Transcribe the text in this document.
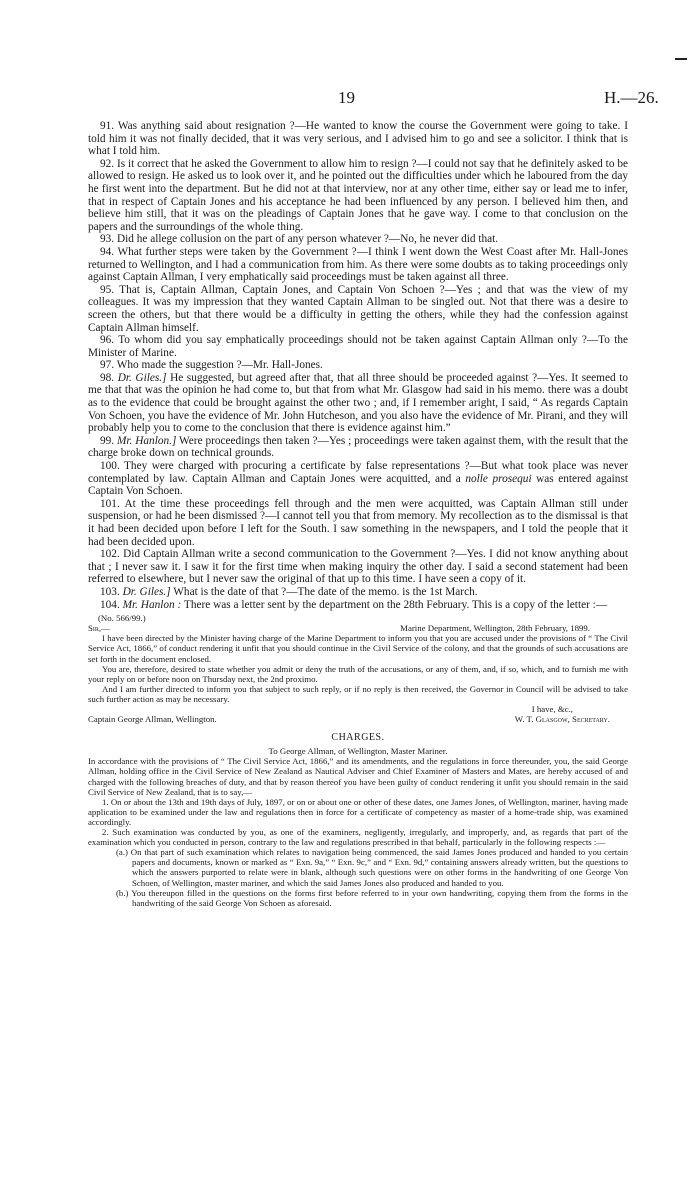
19	H.—26.

91. Was anything said about resignation ?—He wanted to know the course the Government were going to take. I told him it was not finally decided, that it was very serious, and I advised him to go and see a solicitor. I think that is what I told him.

92. Is it correct that he asked the Government to allow him to resign ?—I could not say that he definitely asked to be allowed to resign. He asked us to look over it, and he pointed out the difficulties under which he laboured from the day he first went into the department. But he did not at that interview, nor at any other time, either say or lead me to infer, that in respect of Captain Jones and his acceptance he had been influenced by any person. I believed him then, and believe him still, that it was on the pleadings of Captain Jones that he gave way. I come to that conclusion on the papers and the surroundings of the whole thing.

93. Did he allege collusion on the part of any person whatever ?—No, he never did that.

94. What further steps were taken by the Government ?—I think I went down the West Coast after Mr. Hall-Jones returned to Wellington, and I had a communication from him. As there were some doubts as to taking proceedings only against Captain Allman, I very emphatically said proceedings must be taken against all three.

95. That is, Captain Allman, Captain Jones, and Captain Von Schoen ?—Yes ; and that was the view of my colleagues. It was my impression that they wanted Captain Allman to be singled out. Not that there was a desire to screen the others, but that there would be a difficulty in getting the others, while they had the confession against Captain Allman himself.

96. To whom did you say emphatically proceedings should not be taken against Captain Allman only ?—To the Minister of Marine.

97. Who made the suggestion ?—Mr. Hall-Jones.

98. Dr. Giles.] He suggested, but agreed after that, that all three should be proceeded against ?—Yes. It seemed to me that that was the opinion he had come to, but that from what Mr. Glasgow had said in his memo. there was a doubt as to the evidence that could be brought against the other two ; and, if I remember aright, I said, “ As regards Captain Von Schoen, you have the evidence of Mr. John Hutcheson, and you also have the evidence of Mr. Pirani, and they will probably help you to come to the conclusion that there is evidence against him.”

99. Mr. Hanlon.] Were proceedings then taken ?—Yes ; proceedings were taken against them, with the result that the charge broke down on technical grounds.

100. They were charged with procuring a certificate by false representations ?—But what took place was never contemplated by law. Captain Allman and Captain Jones were acquitted, and a nolle prosequi was entered against Captain Von Schoen.

101. At the time these proceedings fell through and the men were acquitted, was Captain Allman still under suspension, or had he been dismissed ?—I cannot tell you that from memory. My recollection as to the dismissal is that it had been decided upon before I left for the South. I saw something in the newspapers, and I told the people that it had been decided upon.

102. Did Captain Allman write a second communication to the Government ?—Yes. I did not know anything about that ; I never saw it. I saw it for the first time when making inquiry the other day. I said a second statement had been referred to elsewhere, but I never saw the original of that up to this time. I have seen a copy of it.

103. Dr. Giles.] What is the date of that ?—The date of the memo. is the 1st March.

104. Mr. Hanlon : There was a letter sent by the department on the 28th February. This is a copy of the letter :—

(No. 566/99.)
Sir,—	Marine Department, Wellington, 28th February, 1899.

I have been directed by the Minister having charge of the Marine Department to inform you that you are accused under the provisions of “ The Civil Service Act, 1866,” of conduct rendering it unfit that you should continue in the Civil Service of the colony, and that the grounds of such accusations are set forth in the document enclosed.

You are, therefore, desired to state whether you admit or deny the truth of the accusations, or any of them, and, if so, which, and to furnish me with your reply on or before noon on Thursday next, the 2nd proximo.

And I am further directed to inform you that subject to such reply, or if no reply is then received, the Governor in Council will be advised to take such further action as may be necessary.

I have, &c.,
Captain George Allman, Wellington.	W. T. Glasgow, Secretary.
CHARGES.
To George Allman, of Wellington, Master Mariner.

In accordance with the provisions of “ The Civil Service Act, 1866,” and its amendments, and the regulations in force thereunder, you, the said George Allman, holding office in the Civil Service of New Zealand as Nautical Adviser and Chief Examiner of Masters and Mates, are hereby accused of and charged with the following breaches of duty, and that by reason thereof you have been guilty of conduct rendering it unfit you should remain in the said Civil Service of New Zealand, that is to say,—

1. On or about the 13th and 19th days of July, 1897, or on or about one or other of these dates, one James Jones, of Wellington, mariner, having made application to be examined under the law and regulations then in force for a certificate of competency as master of a home-trade ship, was examined accordingly.

2. Such examination was conducted by you, as one of the examiners, negligently, irregularly, and improperly, and, as regards that part of the examination which you conducted in person, contrary to the law and regulations prescribed in that behalf, particularly in the following respects :—

(a.) On that part of such examination which relates to navigation being commenced, the said James Jones produced and handed to you certain papers and documents, known or marked as “ Exn. 9a,” “ Exn. 9c,” and “ Exn. 9d,” containing answers already written, but the questions to which the answers purported to relate were in blank, although such questions were on other forms in the handwriting of one George Von Schoen, of Wellington, master mariner, and which the said James Jones also produced and handed to you.

(b.) You thereupon filled in the questions on the forms first before referred to in your own handwriting, copying them from the forms in the handwriting of the said George Von Schoen as aforesaid.
